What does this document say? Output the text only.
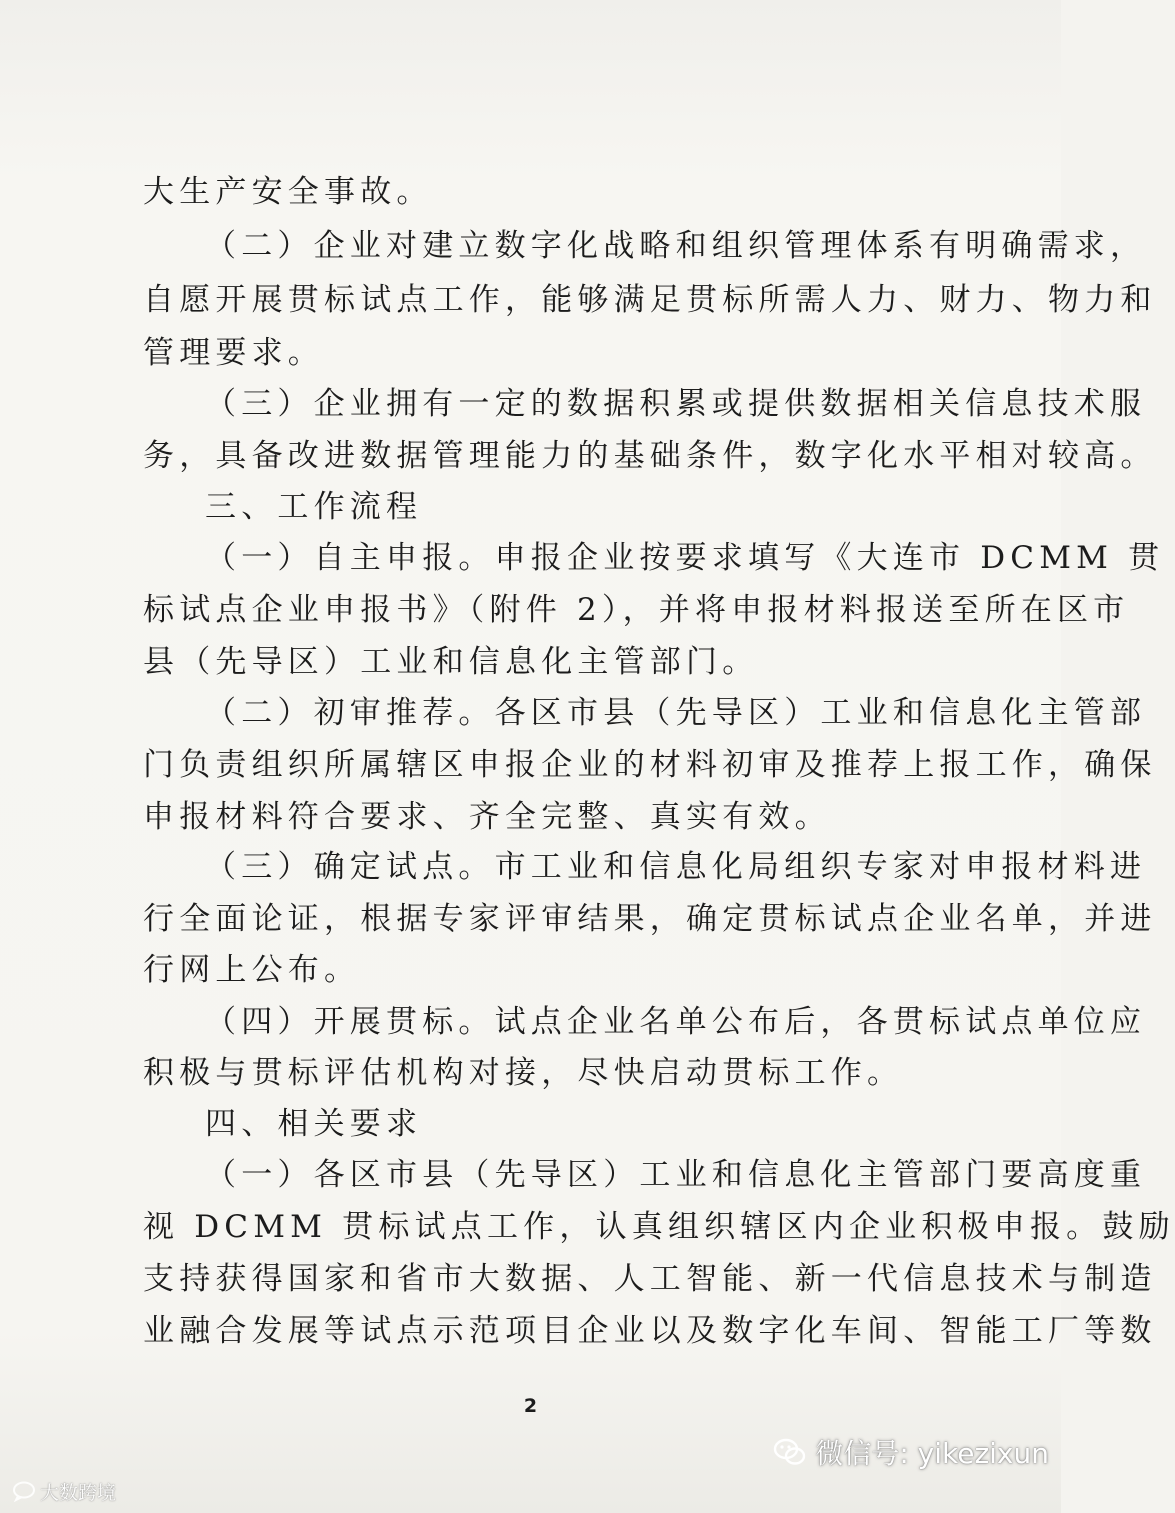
大生产安全事故。
（二）企业对建立数字化战略和组织管理体系有明确需求，
自愿开展贯标试点工作，能够满足贯标所需人力、财力、物力和
管理要求。
（三）企业拥有一定的数据积累或提供数据相关信息技术服
务，具备改进数据管理能力的基础条件，数字化水平相对较高。
三、工作流程
（一）自主申报。申报企业按要求填写《大连市 DCMM 贯
标试点企业申报书》（附件 2），并将申报材料报送至所在区市
县（先导区）工业和信息化主管部门。
（二）初审推荐。各区市县（先导区）工业和信息化主管部
门负责组织所属辖区申报企业的材料初审及推荐上报工作，确保
申报材料符合要求、齐全完整、真实有效。
（三）确定试点。市工业和信息化局组织专家对申报材料进
行全面论证，根据专家评审结果，确定贯标试点企业名单，并进
行网上公布。
（四）开展贯标。试点企业名单公布后，各贯标试点单位应
积极与贯标评估机构对接，尽快启动贯标工作。
四、相关要求
（一）各区市县（先导区）工业和信息化主管部门要高度重
视 DCMM 贯标试点工作，认真组织辖区内企业积极申报。鼓励
支持获得国家和省市大数据、人工智能、新一代信息技术与制造
业融合发展等试点示范项目企业以及数字化车间、智能工厂等数
2
微信号: yikezixun
大数跨境
